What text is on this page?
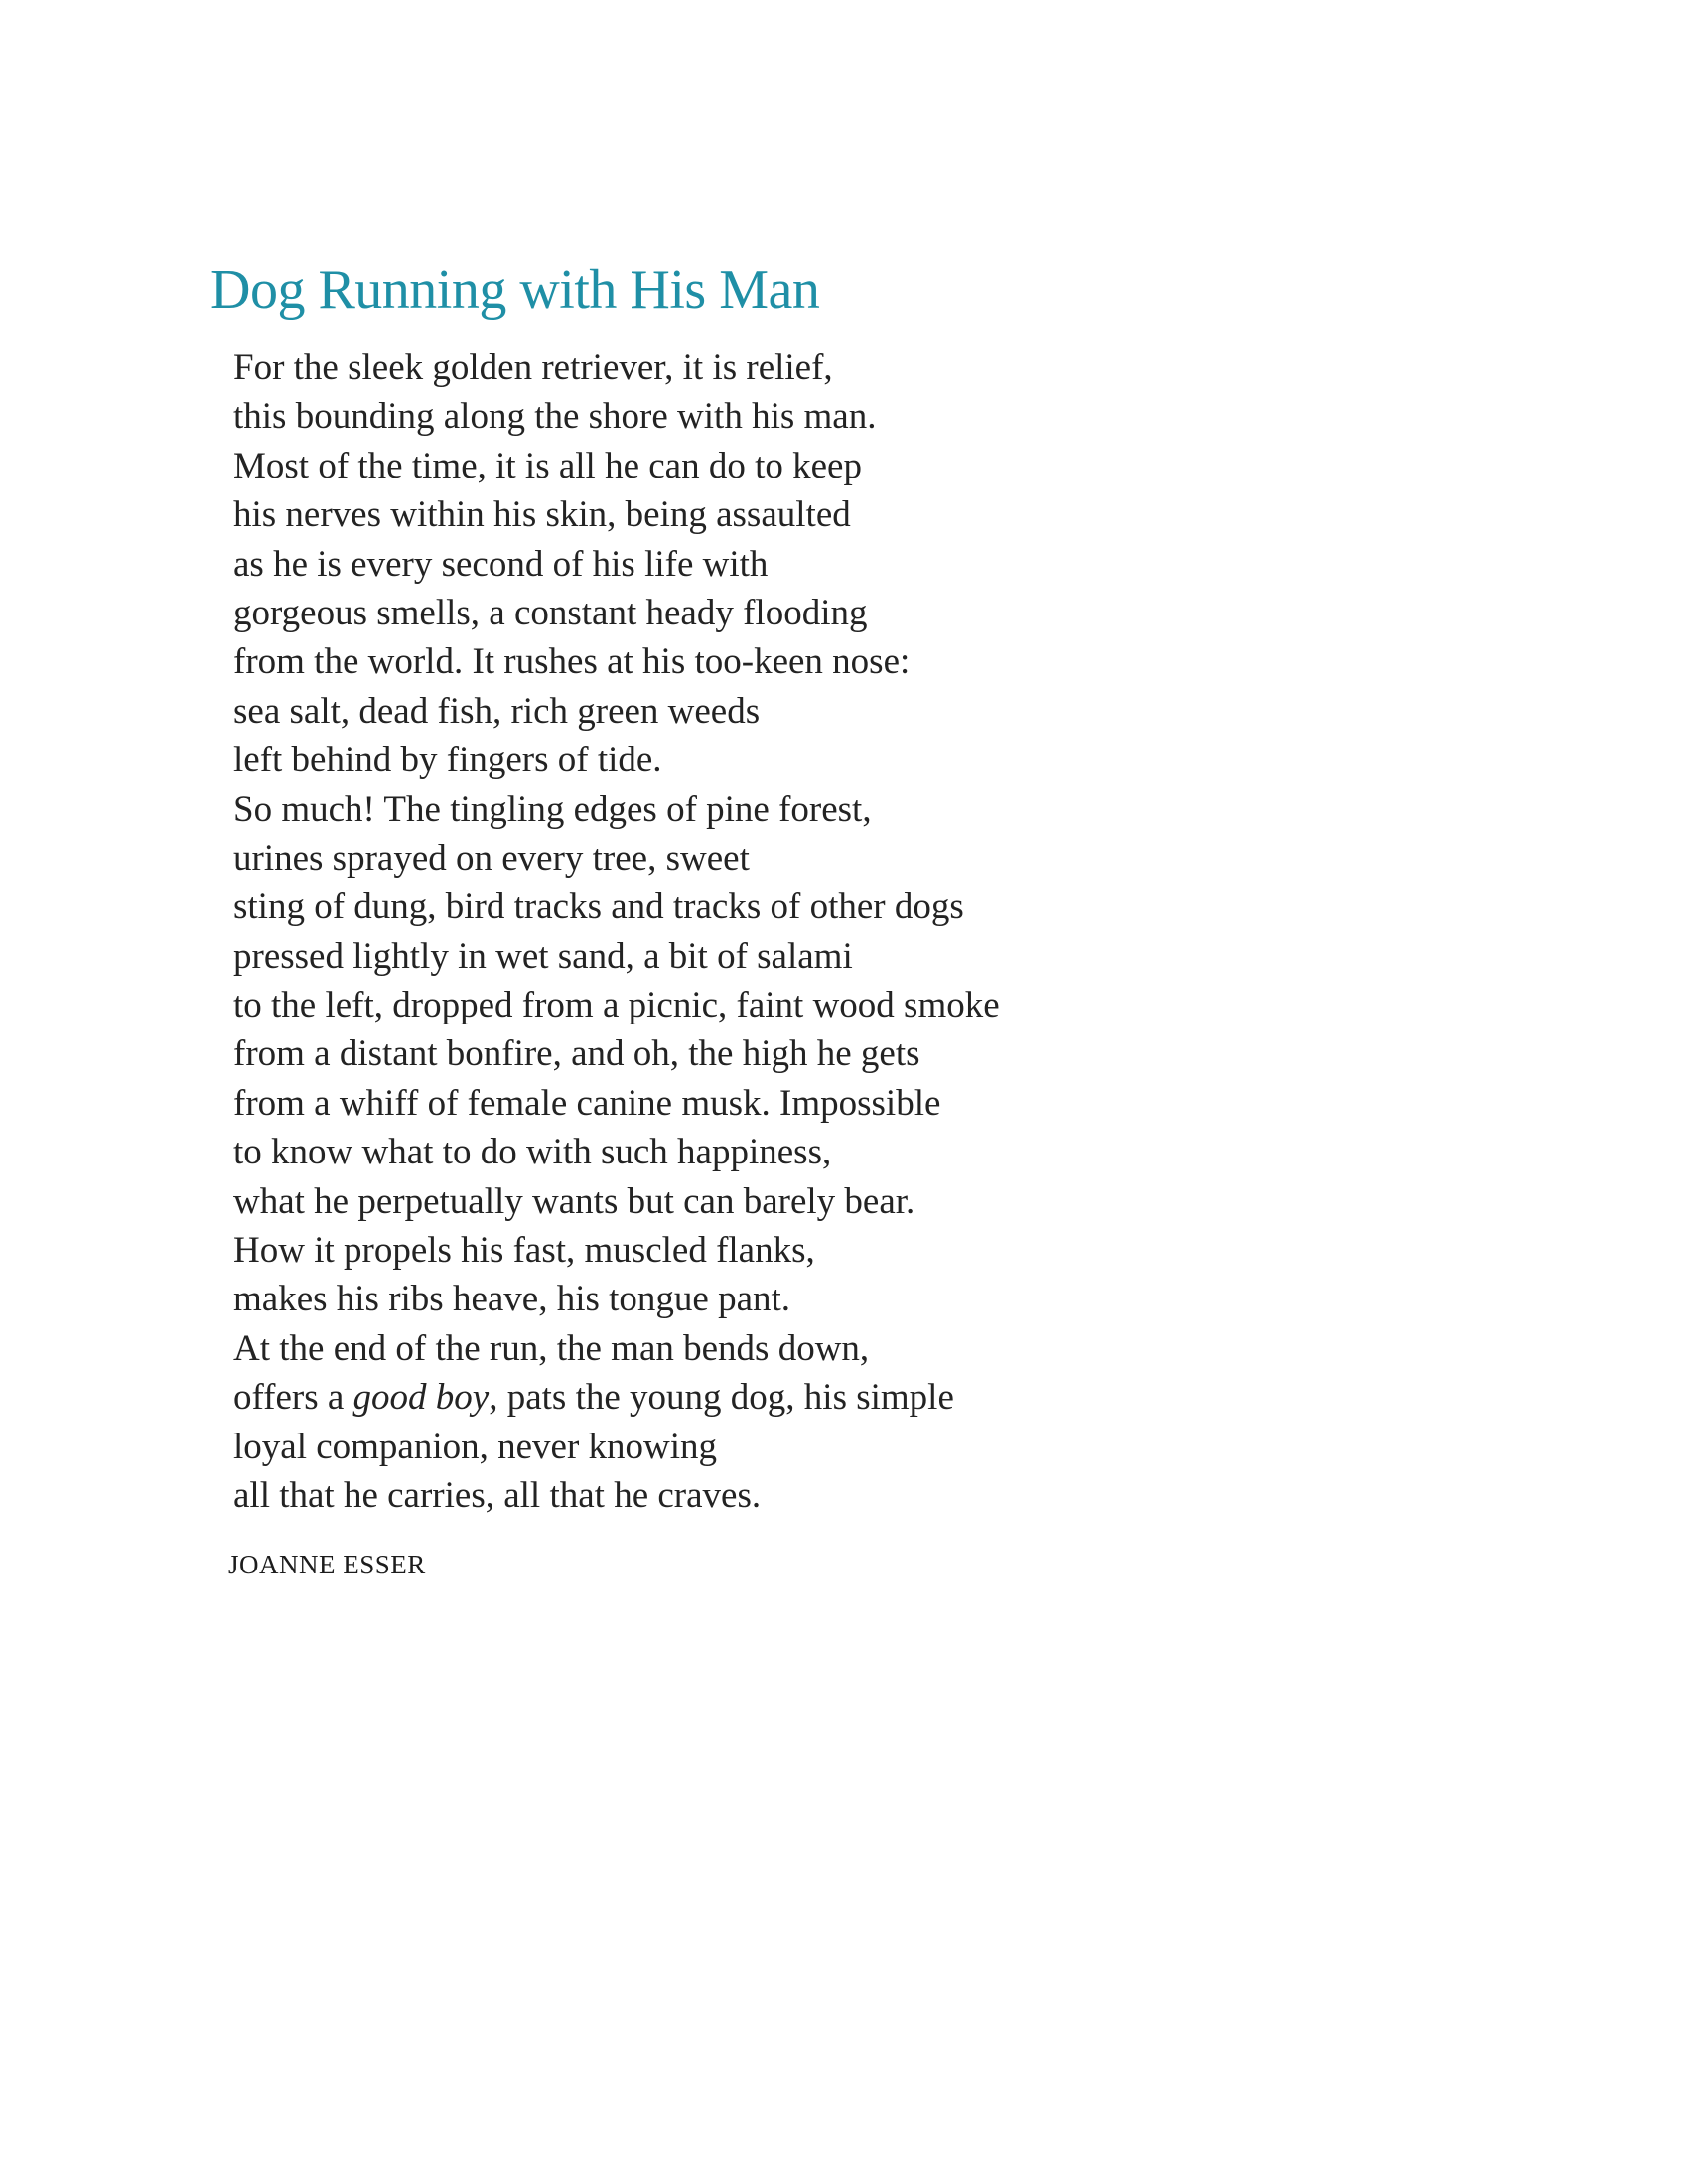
Dog Running with His Man
For the sleek golden retriever, it is relief,
this bounding along the shore with his man.
Most of the time, it is all he can do to keep
his nerves within his skin, being assaulted
as he is every second of his life with
gorgeous smells, a constant heady flooding
from the world. It rushes at his too-keen nose:
sea salt, dead fish, rich green weeds
left behind by fingers of tide.
So much! The tingling edges of pine forest,
urines sprayed on every tree, sweet
sting of dung, bird tracks and tracks of other dogs
pressed lightly in wet sand, a bit of salami
to the left, dropped from a picnic, faint wood smoke
from a distant bonfire, and oh, the high he gets
from a whiff of female canine musk. Impossible
to know what to do with such happiness,
what he perpetually wants but can barely bear.
How it propels his fast, muscled flanks,
makes his ribs heave, his tongue pant.
At the end of the run, the man bends down,
offers a good boy, pats the young dog, his simple
loyal companion, never knowing
all that he carries, all that he craves.

JOANNE ESSER
